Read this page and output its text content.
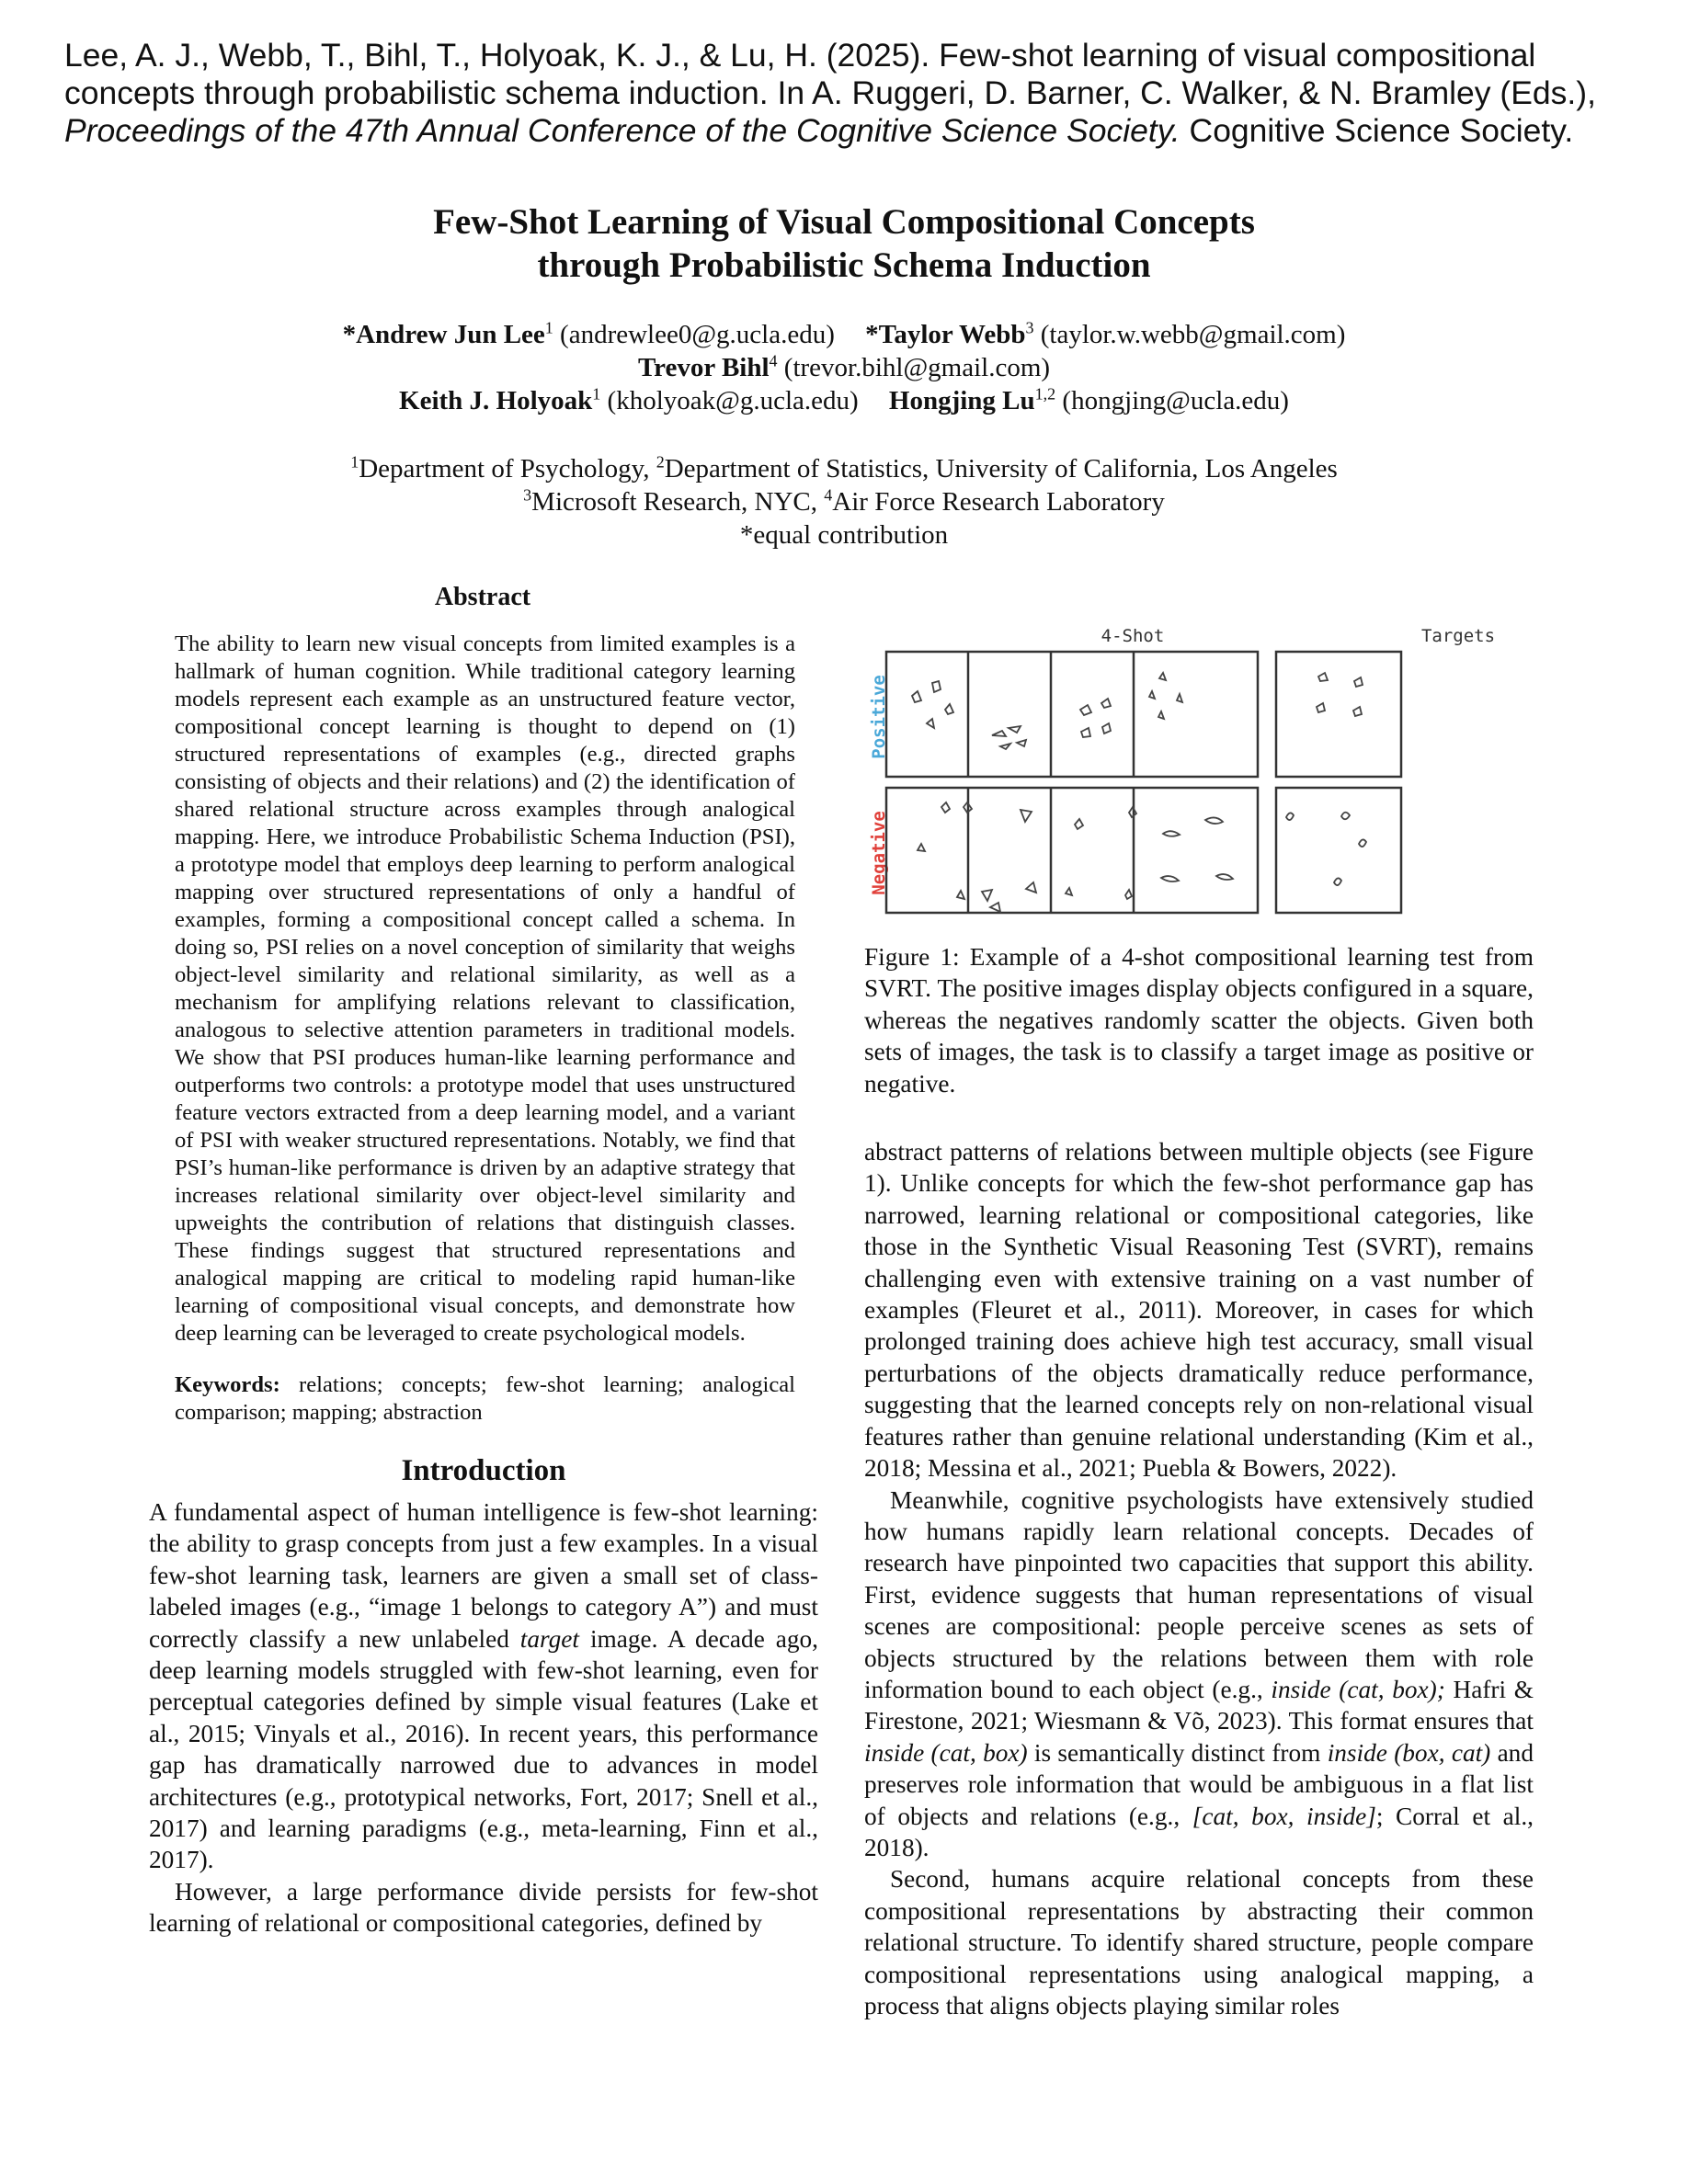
Lee, A. J., Webb, T., Bihl, T., Holyoak, K. J., & Lu, H. (2025). Few-shot learning of visual compositional
concepts through probabilistic schema induction. In A. Ruggeri, D. Barner, C. Walker, & N. Bramley (Eds.),
Proceedings of the 47th Annual Conference of the Cognitive Science Society. Cognitive Science Society.
Few-Shot Learning of Visual Compositional Concepts
through Probabilistic Schema Induction
*Andrew Jun Lee$^1$ (andrewlee0@g.ucla.edu) *Taylor Webb$^3$ (taylor.w.webb@gmail.com)
Trevor Bihl$^4$ (trevor.bihl@gmail.com)
Keith J. Holyoak$^1$ (kholyoak@g.ucla.edu) Hongjing Lu$^{1,2}$ (hongjing@ucla.edu)
$^1$Department of Psychology, $^2$Department of Statistics, University of California, Los Angeles
$^3$Microsoft Research, NYC, $^4$Air Force Research Laboratory
*equal contribution
Abstract
The ability to learn new visual concepts from limited examples is a hallmark of human cognition. While traditional category learning models represent each example as an unstructured feature vector, compositional concept learning is thought to depend on (1) structured representations of examples (e.g., directed graphs consisting of objects and their relations) and (2) the identification of shared relational structure across examples through analogical mapping. Here, we introduce Probabilistic Schema Induction (PSI), a prototype model that employs deep learning to perform analogical mapping over structured representations of only a handful of examples, forming a compositional concept called a schema. In doing so, PSI relies on a novel conception of similarity that weighs object-level similarity and relational similarity, as well as a mechanism for amplifying relations relevant to classification, analogous to selective attention parameters in traditional models. We show that PSI produces human-like learning performance and outperforms two controls: a prototype model that uses unstructured feature vectors extracted from a deep learning model, and a variant of PSI with weaker structured representations. Notably, we find that PSI’s human-like performance is driven by an adaptive strategy that increases relational similarity over object-level similarity and upweights the contribution of relations that distinguish classes. These findings suggest that structured representations and analogical mapping are critical to modeling rapid human-like learning of compositional visual concepts, and demonstrate how deep learning can be leveraged to create psychological models.
Keywords: relations; concepts; few-shot learning; analogical comparison; mapping; abstraction
Introduction

A fundamental aspect of human intelligence is few-shot learning: the ability to grasp concepts from just a few examples. In a visual few-shot learning task, learners are given a small set of class-labeled images (e.g., “image 1 belongs to category A”) and must correctly classify a new unlabeled target image. A decade ago, deep learning models struggled with few-shot learning, even for perceptual categories defined by simple visual features (Lake et al., 2015; Vinyals et al., 2016). In recent years, this performance gap has dramatically narrowed due to advances in model architectures (e.g., prototypical networks, Fort, 2017; Snell et al., 2017) and learning paradigms (e.g., meta-learning, Finn et al., 2017).

However, a large performance divide persists for few-shot learning of relational or compositional categories, defined by

4-Shot	Targets
Positive
Negative
Figure 1: Example of a 4-shot compositional learning test from SVRT. The positive images display objects configured in a square, whereas the negatives randomly scatter the objects. Given both sets of images, the task is to classify a target image as positive or negative.

abstract patterns of relations between multiple objects (see Figure 1). Unlike concepts for which the few-shot performance gap has narrowed, learning relational or compositional categories, like those in the Synthetic Visual Reasoning Test (SVRT), remains challenging even with extensive training on a vast number of examples (Fleuret et al., 2011). Moreover, in cases for which prolonged training does achieve high test accuracy, small visual perturbations of the objects dramatically reduce performance, suggesting that the learned concepts rely on non-relational visual features rather than genuine relational understanding (Kim et al., 2018; Messina et al., 2021; Puebla & Bowers, 2022).

Meanwhile, cognitive psychologists have extensively studied how humans rapidly learn relational concepts. Decades of research have pinpointed two capacities that support this ability. First, evidence suggests that human representations of visual scenes are compositional: people perceive scenes as sets of objects structured by the relations between them with role information bound to each object (e.g., inside (cat, box); Hafri & Firestone, 2021; Wiesmann & Võ, 2023). This format ensures that inside (cat, box) is semantically distinct from inside (box, cat) and preserves role information that would be ambiguous in a flat list of objects and relations (e.g., [cat, box, inside]; Corral et al., 2018).

Second, humans acquire relational concepts from these compositional representations by abstracting their common relational structure. To identify shared structure, people compare compositional representations using analogical mapping, a process that aligns objects playing similar roles
